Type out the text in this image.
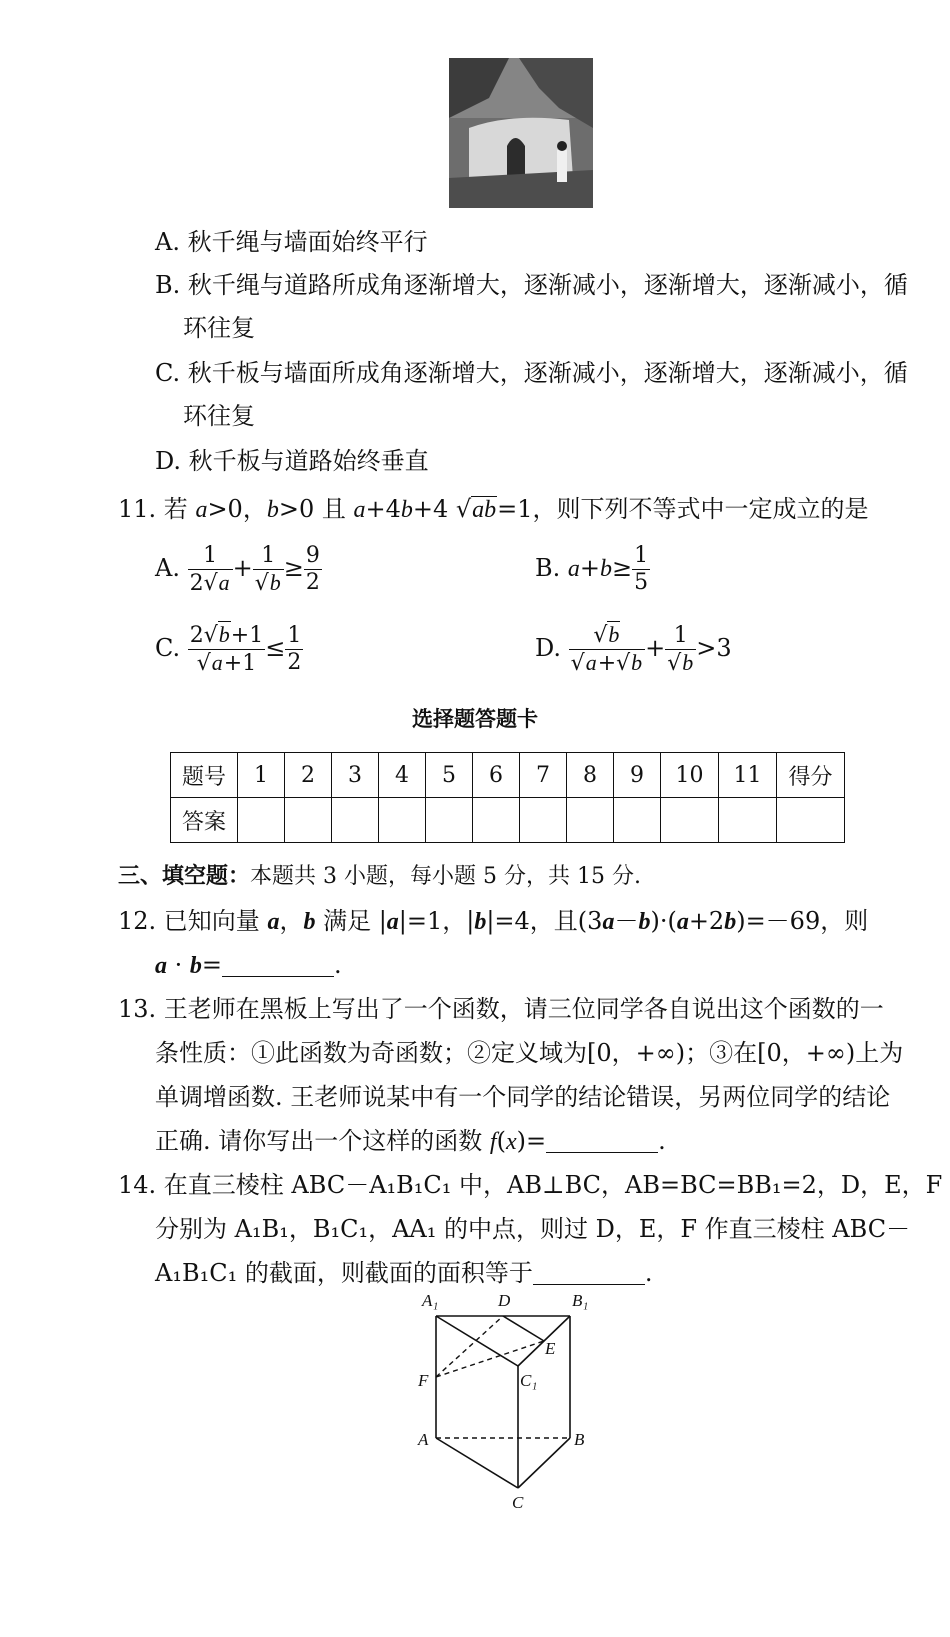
A. 秋千绳与墙面始终平行
B. 秋千绳与道路所成角逐渐增大，逐渐减小，逐渐增大，逐渐减小，循
环往复
C. 秋千板与墙面所成角逐渐增大，逐渐减小，逐渐增大，逐渐减小，循
环往复
D. 秋千板与道路始终垂直
11. 若 a>0，b>0 且 a+4b+4 √ab=1，则下列不等式中一定成立的是
A. $\frac{1}{2√a} + \frac{1}{√b} \ge \frac{9}{2}$	B. $a+b\ge \frac{1}{5}$
C. $\frac{2√b+1}{√a+1} \le \frac{1}{2}$	D. $\frac{√b}{√a+√b} + \frac{1}{√b} >3$
选择题答题卡
题号	1	2	3	4	5	6	7	8	9	10	11	得分
答案												
三、填空题：本题共 3 小题，每小题 5 分，共 15 分.
12. 已知向量 a，b 满足 |a|=1，|b|=4，且(3a－b)·(a+2b)=－69，则
a · b=	.
13. 王老师在黑板上写出了一个函数，请三位同学各自说出这个函数的一
条性质：①此函数为奇函数；②定义域为[0，+∞)；③在[0，+∞)上为
单调增函数. 王老师说某中有一个同学的结论错误，另两位同学的结论
正确. 请你写出一个这样的函数 f(x)=	.
14. 在直三棱柱 ABC－A₁B₁C₁ 中，AB⊥BC，AB=BC=BB₁=2，D，E，F
分别为 A₁B₁，B₁C₁，AA₁ 的中点，则过 D，E，F 作直三棱柱 ABC－
A₁B₁C₁ 的截面，则截面的面积等于	.
A₁	D	B₁
E
C₁
F
A	B
C
